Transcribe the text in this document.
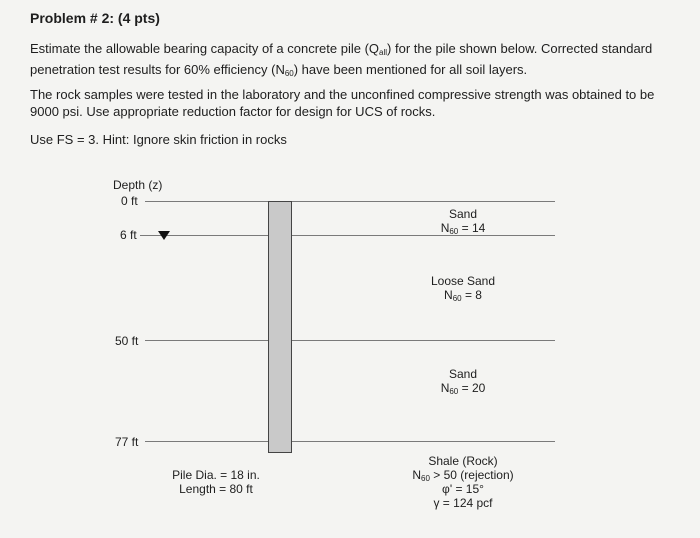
Problem # 2: (4 pts)
Estimate the allowable bearing capacity of a concrete pile $(Q_{all})$ for the pile shown below. Corrected standard penetration test results for 60% efficiency $(N_{60})$ have been mentioned for all soil layers.
The rock samples were tested in the laboratory and the unconfined compressive strength was obtained to be 9000 psi. Use appropriate reduction factor for design for UCS of rocks.
Use FS = 3. Hint: Ignore skin friction in rocks
Depth (z)
0 ft
6 ft
50 ft
77 ft
Pile Dia. = 18 in.
Length = 80 ft
Sand
$N_{60} = 14$
Loose Sand
$N_{60} = 8$
Sand
$N_{60} = 20$
Shale (Rock)
$N_{60} > 50$ (rejection)
φ' = 15°
γ = 124 pcf
